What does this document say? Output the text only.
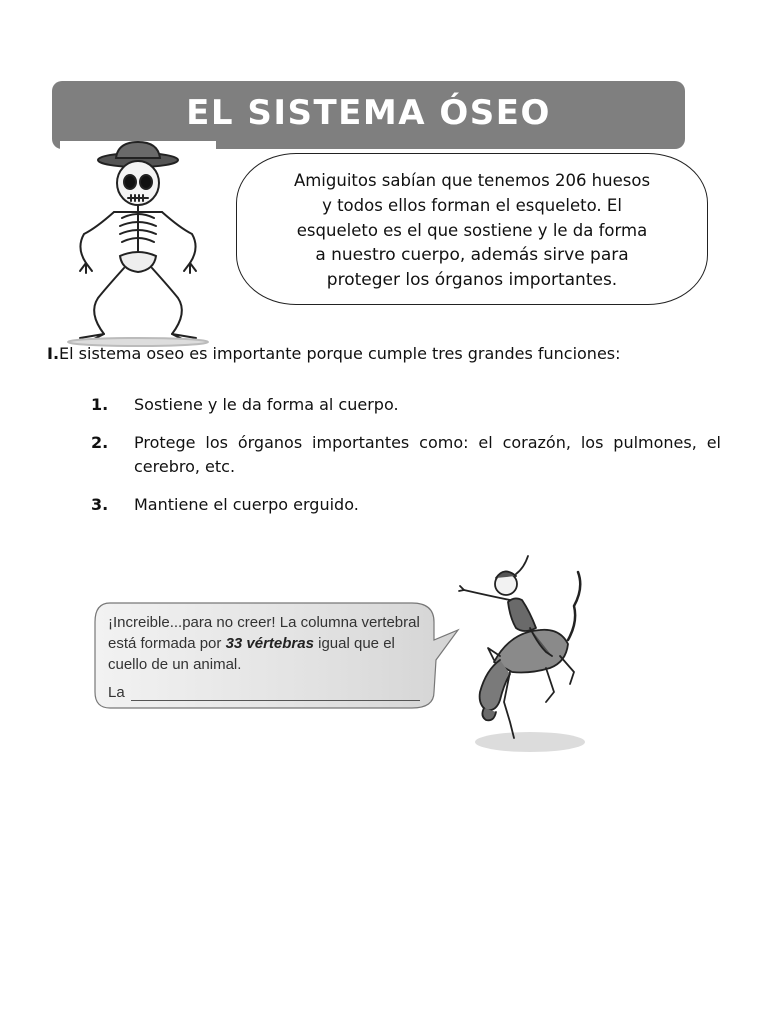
EL SISTEMA ÓSEO
Amiguitos sabían que tenemos 206 huesos
y todos ellos forman el esqueleto. El
esqueleto es el que sostiene y le da forma
a nuestro cuerpo, además sirve para
proteger los órganos importantes.
I.El sistema oseo es importante porque cumple tres grandes funciones:
1.	Sostiene y le da forma al cuerpo.
2.	Protege los órganos importantes como: el corazón, los pulmones, el cerebro, etc.
3.	Mantiene el cuerpo erguido.
¡Increible...para no creer! La columna vertebral está formada por 33 vértebras igual que el cuello de un animal.
La
